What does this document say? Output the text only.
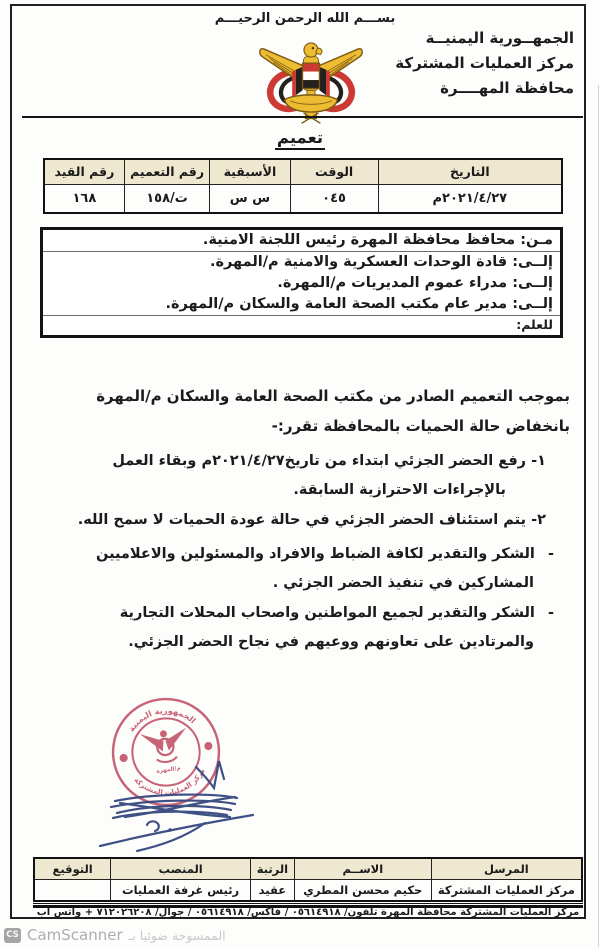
بســـم الله الرحمن الرحيـــم
الجمهــورية اليمنيــة
مركز العمليات المشتركة
محافظة المهــــرة
تعميم
التاريخ	الوقت	الأسبقية	رقم التعميم	رقم القيد
٢٠٢١/٤/٢٧م	٠٤٥	س س	ت/١٥٨	١٦٨
مـن: محافظ محافظة المهرة رئيس اللجنة الامنية.
إلــى: قادة الوحدات العسكرية والامنية م/المهرة.
إلــى: مدراء عموم المديريات م/المهرة.
إلــى: مدير عام مكتب الصحة العامة والسكان م/المهرة.
للعلم:
بموجب التعميم الصادر من مكتب الصحة العامة والسكان م/المهرة بانخفاض حالة الحميات بالمحافظة تقرر:-
١- رفع الحضر الجزئي ابتداء من تاريخ٢٠٢١/٤/٢٧م وبقاء العمل بالإجراءات الاحترازية السابقة.
٢- يتم استئناف الحضر الجزئي في حالة عودة الحميات لا سمح الله.
- الشكر والتقدير لكافة الضباط والافراد والمسئولين والاعلاميين المشاركين في تنفيذ الحضر الجزئي .
- الشكر والتقدير لجميع المواطنين واصحاب المحلات التجارية والمرتادين على تعاونهم ووعيهم في نجاح الحضر الجزئي.
الجمهورية اليمنية
مركز العمليات المشتركة
م/المهرة
المرسل	الاســم	الرتبة	المنصب	التوقيع
مركز العمليات المشتركة	حكيم محسن المطري	عقيد	رئيس غرفة العمليات	
مركز العمليات المشتركة محافظة المهرة تلفون/ ٠٥٦١٤٩١٨ / فاكس/ ٠٥٦١٤٩١٨ / جوال/ ٧١٢٠٢٦٢٠٨ + واتس اب
CS CamScanner الممسوحة ضوئيا بـ
